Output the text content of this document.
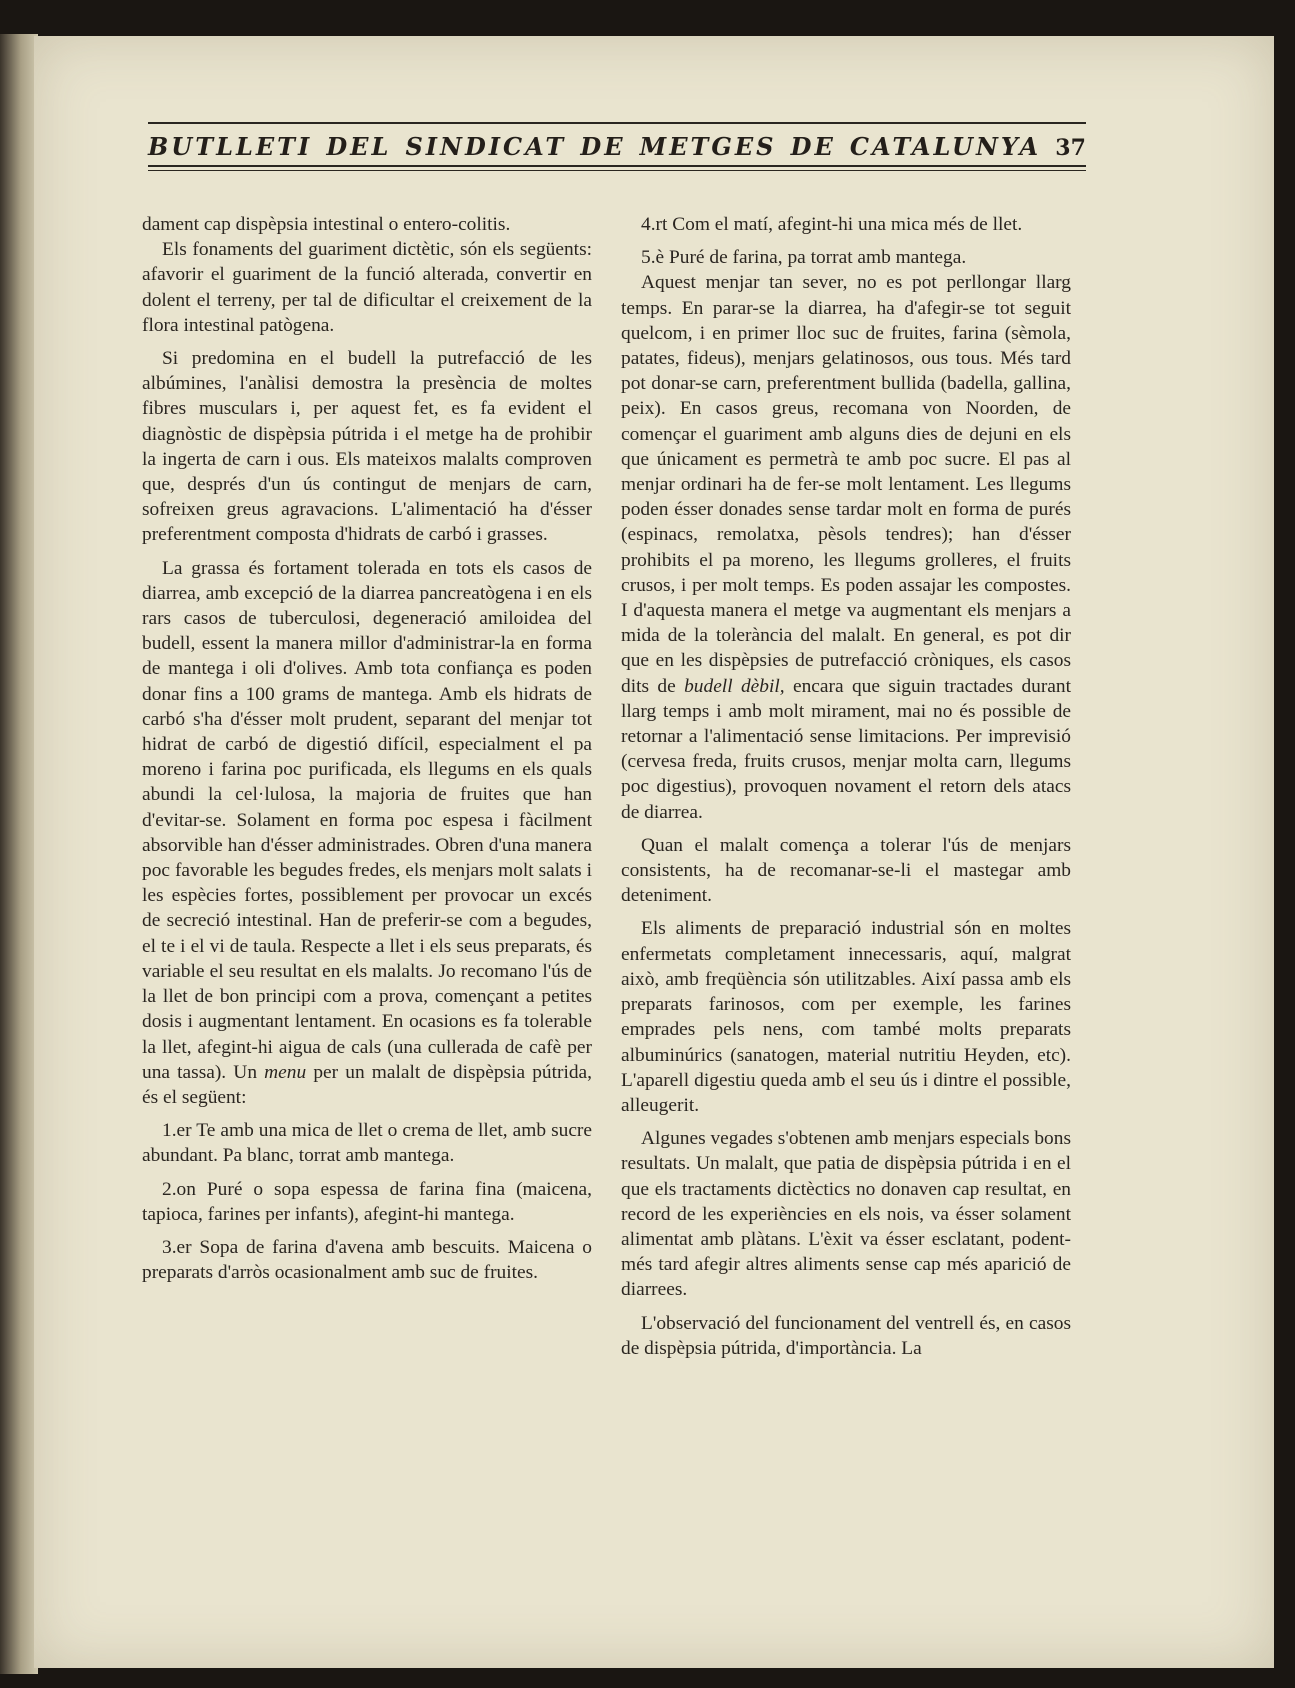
BUTLLETI DEL SINDICAT DE METGES DE CATALUNYA 37

dament cap dispèpsia intestinal o entero-colitis.

Els fonaments del guariment dictètic, són els següents: afavorir el guariment de la funció alterada, convertir en dolent el terreny, per tal de dificultar el creixement de la flora intestinal patògena.

Si predomina en el budell la putrefacció de les albúmines, l'anàlisi demostra la presència de moltes fibres musculars i, per aquest fet, es fa evident el diagnòstic de dispèpsia pútrida i el metge ha de prohibir la ingerta de carn i ous. Els mateixos malalts comproven que, després d'un ús contingut de menjars de carn, sofreixen greus agravacions. L'alimentació ha d'ésser preferentment composta d'hidrats de carbó i grasses.

La grassa és fortament tolerada en tots els casos de diarrea, amb excepció de la diarrea pancreatògena i en els rars casos de tuberculosi, degeneració amiloidea del budell, essent la manera millor d'administrar-la en forma de mantega i oli d'olives. Amb tota confiança es poden donar fins a 100 grams de mantega. Amb els hidrats de carbó s'ha d'ésser molt prudent, separant del menjar tot hidrat de carbó de digestió difícil, especialment el pa moreno i farina poc purificada, els llegums en els quals abundi la cel·lulosa, la majoria de fruites que han d'evitar-se. Solament en forma poc espesa i fàcilment absorvible han d'ésser administrades. Obren d'una manera poc favorable les begudes fredes, els menjars molt salats i les espècies fortes, possiblement per provocar un excés de secreció intestinal. Han de preferir-se com a begudes, el te i el vi de taula. Respecte a llet i els seus preparats, és variable el seu resultat en els malalts. Jo recomano l'ús de la llet de bon principi com a prova, començant a petites dosis i augmentant lentament. En ocasions es fa tolerable la llet, afegint-hi aigua de cals (una cullerada de cafè per una tassa). Un menu per un malalt de dispèpsia pútrida, és el següent:

1.er Te amb una mica de llet o crema de llet, amb sucre abundant. Pa blanc, torrat amb mantega.

2.on Puré o sopa espessa de farina fina (maicena, tapioca, farines per infants), afegint-hi mantega.

3.er Sopa de farina d'avena amb bescuits. Maicena o preparats d'arròs ocasionalment amb suc de fruites.

4.rt Com el matí, afegint-hi una mica més de llet.

5.è Puré de farina, pa torrat amb mantega.

Aquest menjar tan sever, no es pot perllongar llarg temps. En parar-se la diarrea, ha d'afegir-se tot seguit quelcom, i en primer lloc suc de fruites, farina (sèmola, patates, fideus), menjars gelatinosos, ous tous. Més tard pot donar-se carn, preferentment bullida (badella, gallina, peix). En casos greus, recomana von Noorden, de començar el guariment amb alguns dies de dejuni en els que únicament es permetrà te amb poc sucre. El pas al menjar ordinari ha de fer-se molt lentament. Les llegums poden ésser donades sense tardar molt en forma de purés (espinacs, remolatxa, pèsols tendres); han d'ésser prohibits el pa moreno, les llegums grolleres, el fruits crusos, i per molt temps. Es poden assajar les compostes. I d'aquesta manera el metge va augmentant els menjars a mida de la tolerància del malalt. En general, es pot dir que en les dispèpsies de putrefacció cròniques, els casos dits de budell dèbil, encara que siguin tractades durant llarg temps i amb molt mirament, mai no és possible de retornar a l'alimentació sense limitacions. Per imprevisió (cervesa freda, fruits crusos, menjar molta carn, llegums poc digestius), provoquen novament el retorn dels atacs de diarrea.

Quan el malalt comença a tolerar l'ús de menjars consistents, ha de recomanar-se-li el mastegar amb deteniment.

Els aliments de preparació industrial són en moltes enfermetats completament innecessaris, aquí, malgrat això, amb freqüència són utilitzables. Així passa amb els preparats farinosos, com per exemple, les farines emprades pels nens, com també molts preparats albuminúrics (sanatogen, material nutritiu Heyden, etc). L'aparell digestiu queda amb el seu ús i dintre el possible, alleugerit.

Algunes vegades s'obtenen amb menjars especials bons resultats. Un malalt, que patia de dispèpsia pútrida i en el que els tractaments dictèctics no donaven cap resultat, en record de les experiències en els nois, va ésser solament alimentat amb plàtans. L'èxit va ésser esclatant, podent-més tard afegir altres aliments sense cap més aparició de diarrees.

L'observació del funcionament del ventrell és, en casos de dispèpsia pútrida, d'importància. La
